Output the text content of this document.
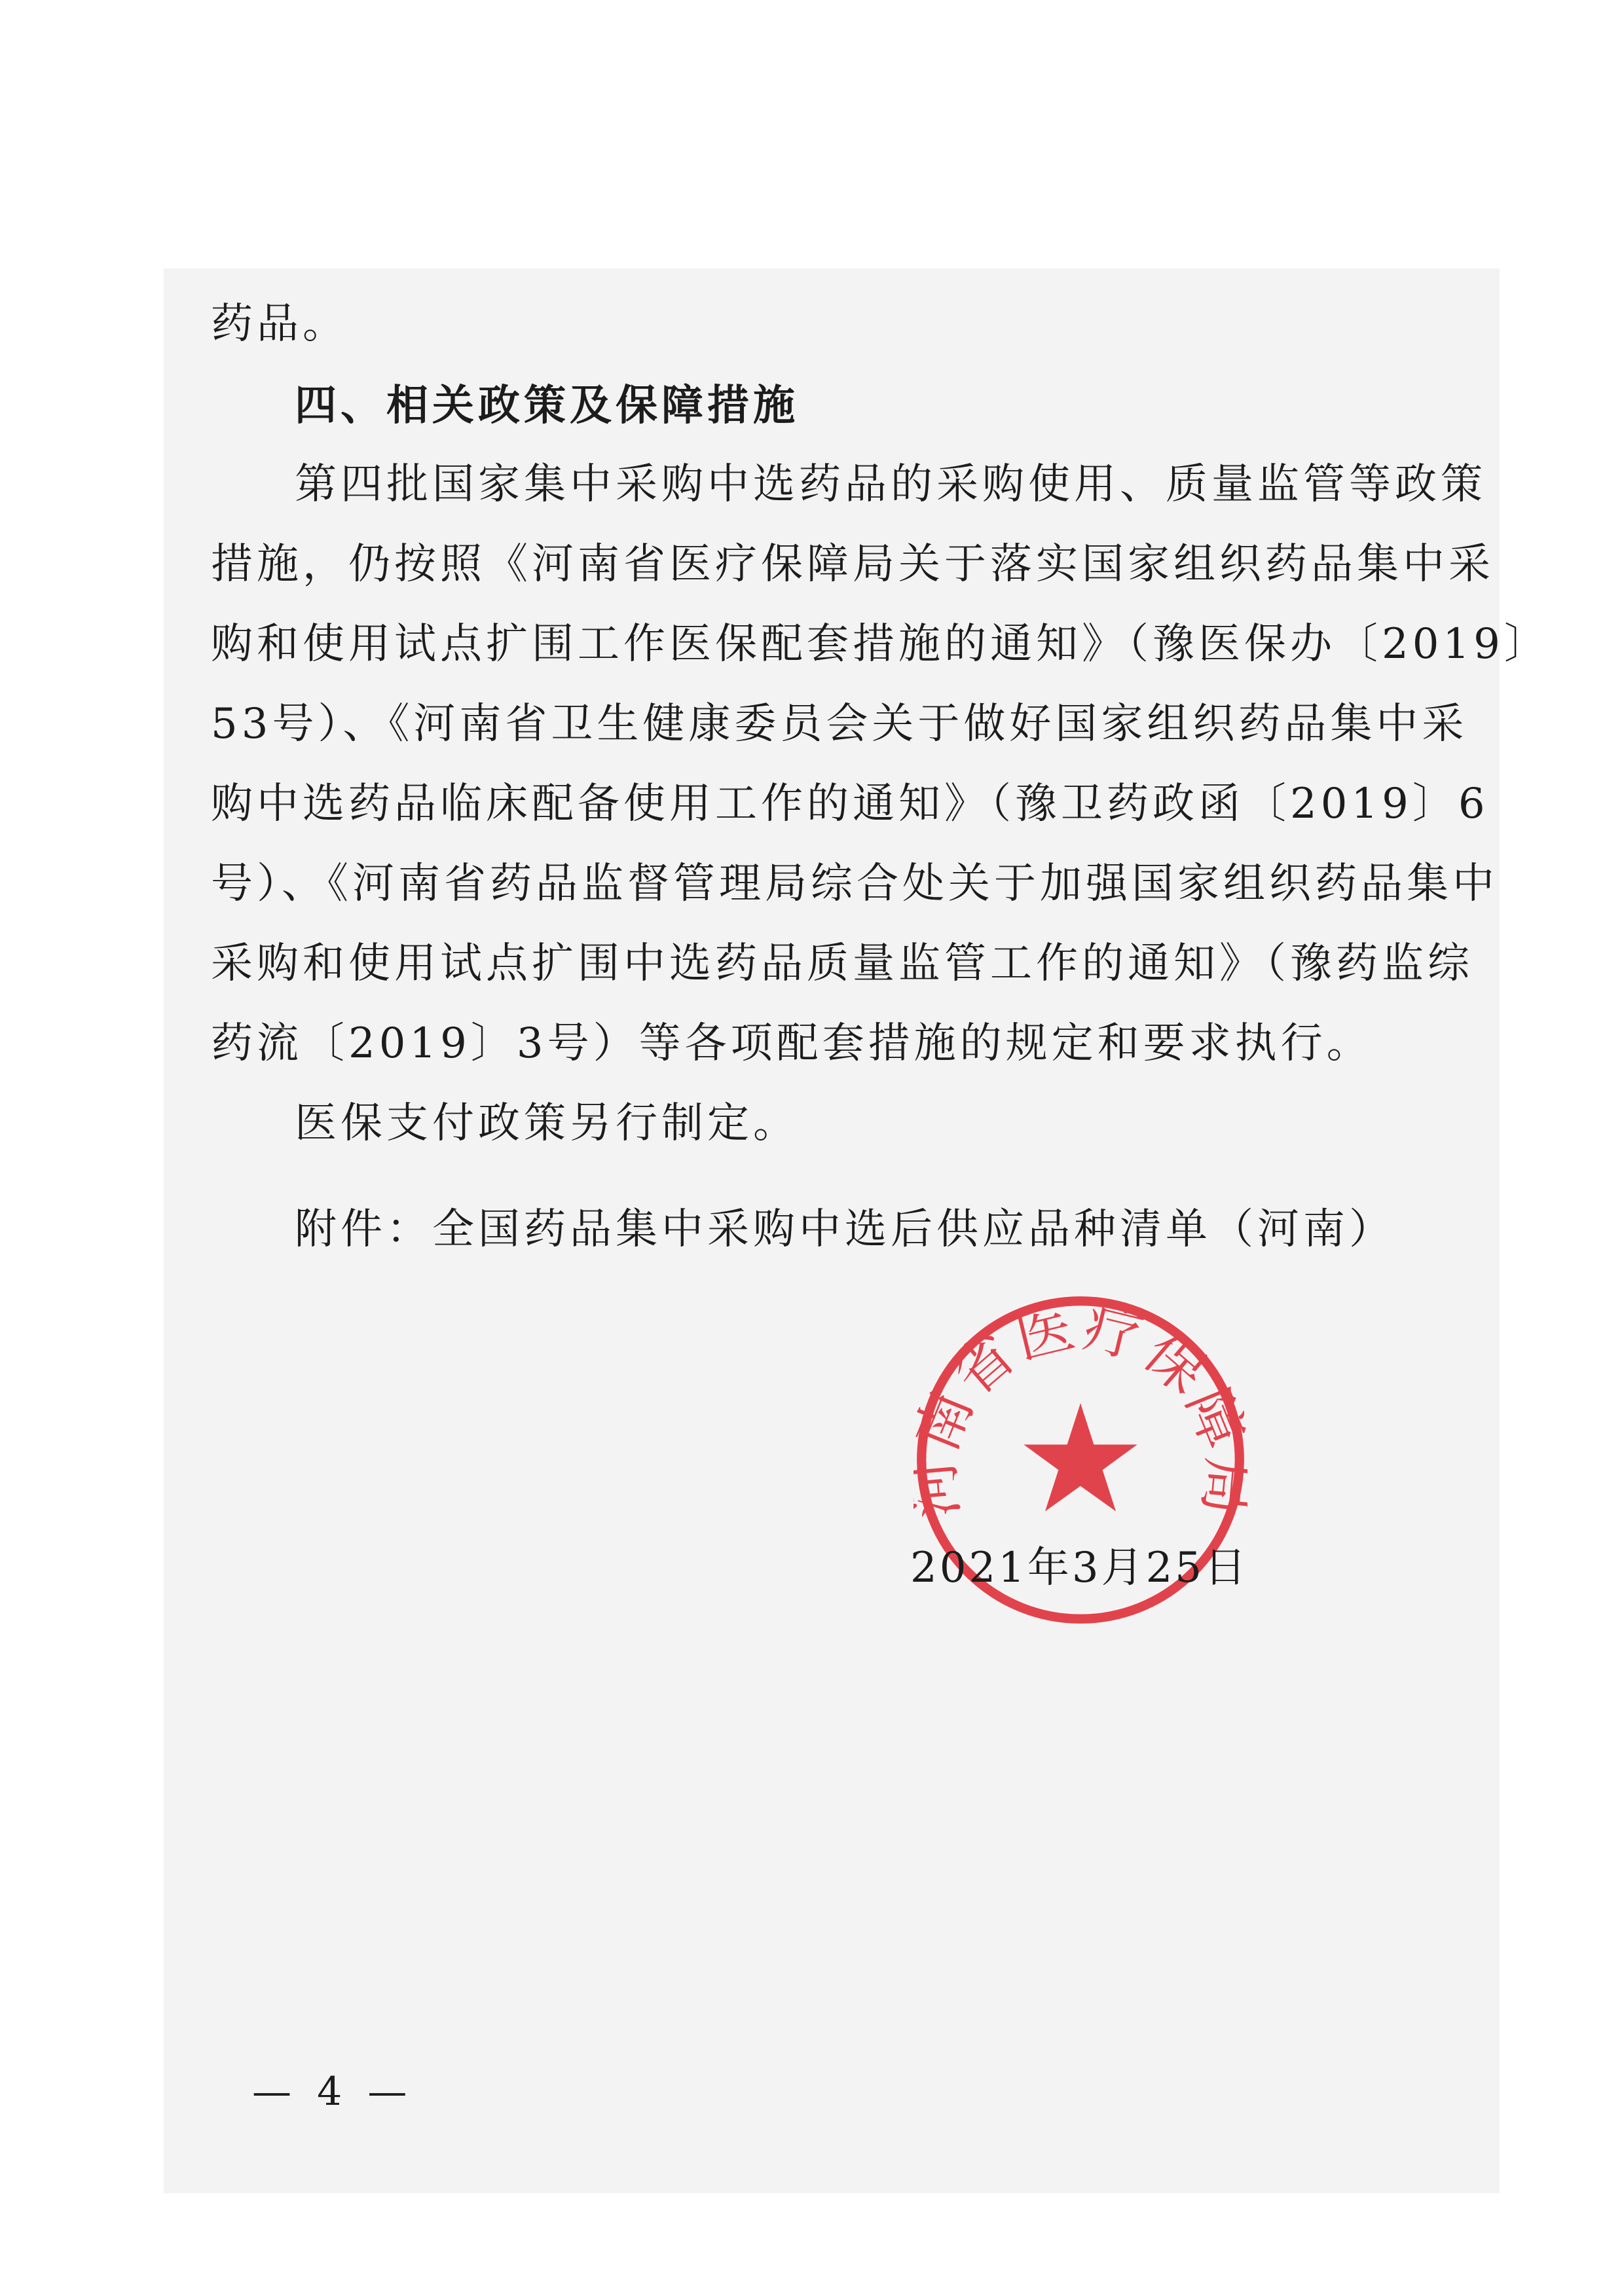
药品。
四、相关政策及保障措施
第四批国家集中采购中选药品的采购使用、质量监管等政策
措施，仍按照《河南省医疗保障局关于落实国家组织药品集中采
购和使用试点扩围工作医保配套措施的通知》（豫医保办〔2019〕
53号）、《河南省卫生健康委员会关于做好国家组织药品集中采
购中选药品临床配备使用工作的通知》（豫卫药政函〔2019〕6
号）、《河南省药品监督管理局综合处关于加强国家组织药品集中
采购和使用试点扩围中选药品质量监管工作的通知》（豫药监综
药流〔2019〕3号）等各项配套措施的规定和要求执行。
医保支付政策另行制定。
附件：全国药品集中采购中选后供应品种清单（河南）
省医疗保
2021年3月25日
— 4 —
